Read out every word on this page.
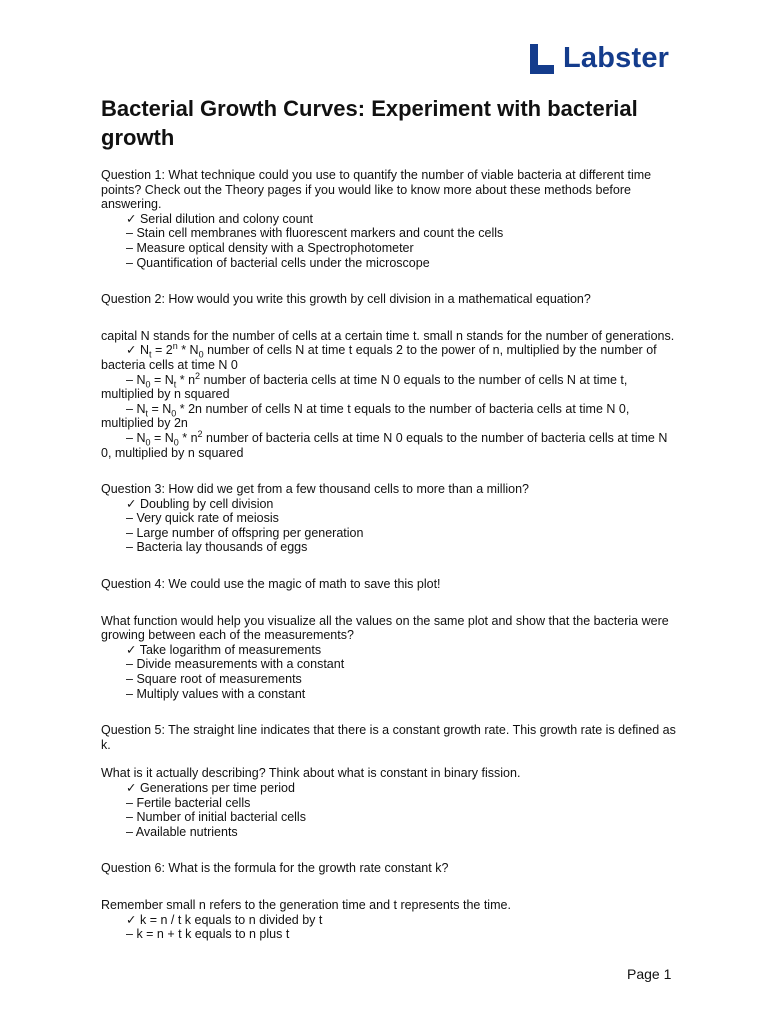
Labster
Bacterial Growth Curves: Experiment with bacterial growth

Question 1: What technique could you use to quantify the number of viable bacteria at different time points? Check out the Theory pages if you would like to know more about these methods before answering.

✓ Serial dilution and colony count

– Stain cell membranes with fluorescent markers and count the cells

– Measure optical density with a Spectrophotometer

– Quantification of bacterial cells under the microscope

Question 2: How would you write this growth by cell division in a mathematical equation?

capital N stands for the number of cells at a certain time t. small n stands for the number of generations.

✓ $N_t = 2^n * N_0$ number of cells N at time t equals 2 to the power of n, multiplied by the number of bacteria cells at time N 0

– $N_0 = N_t * n^2$ number of bacteria cells at time N 0 equals to the number of cells N at time t, multiplied by n squared

– $N_t = N_0 * 2n$ number of cells N at time t equals to the number of bacteria cells at time N 0, multiplied by 2n

– $N_0 = N_0 * n^2$ number of bacteria cells at time N 0 equals to the number of bacteria cells at time N 0, multiplied by n squared

Question 3: How did we get from a few thousand cells to more than a million?

✓ Doubling by cell division

– Very quick rate of meiosis

– Large number of offspring per generation

– Bacteria lay thousands of eggs

Question 4: We could use the magic of math to save this plot!

What function would help you visualize all the values on the same plot and show that the bacteria were growing between each of the measurements?

✓ Take logarithm of measurements

– Divide measurements with a constant

– Square root of measurements

– Multiply values with a constant

Question 5: The straight line indicates that there is a constant growth rate. This growth rate is defined as k.

What is it actually describing? Think about what is constant in binary fission.

✓ Generations per time period

– Fertile bacterial cells

– Number of initial bacterial cells

– Available nutrients

Question 6: What is the formula for the growth rate constant k?

Remember small n refers to the generation time and t represents the time.

✓ k = n / t k equals to n divided by t

– k = n + t k equals to n plus t

Page 1
